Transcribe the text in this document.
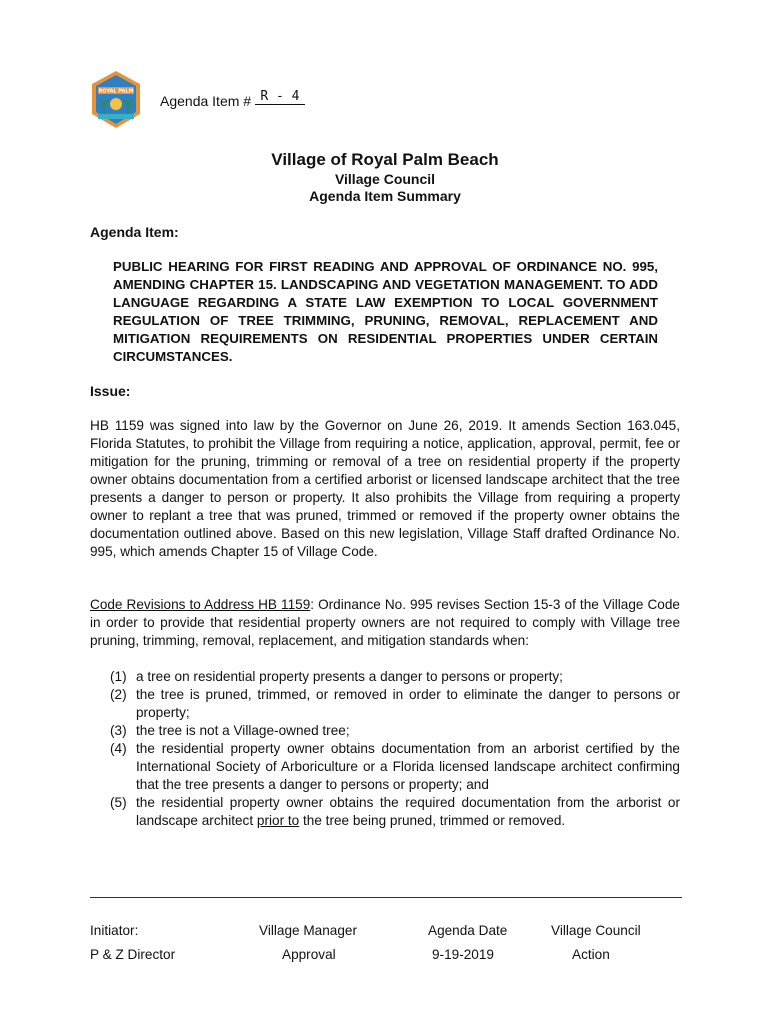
ROYAL PALM
Agenda Item # R - 4
Village of Royal Palm Beach
Village Council
Agenda Item Summary
Agenda Item:
PUBLIC HEARING FOR FIRST READING AND APPROVAL OF ORDINANCE NO. 995, AMENDING CHAPTER 15. LANDSCAPING AND VEGETATION MANAGEMENT. TO ADD LANGUAGE REGARDING A STATE LAW EXEMPTION TO LOCAL GOVERNMENT REGULATION OF TREE TRIMMING, PRUNING, REMOVAL, REPLACEMENT AND MITIGATION REQUIREMENTS ON RESIDENTIAL PROPERTIES UNDER CERTAIN CIRCUMSTANCES.
Issue:
HB 1159 was signed into law by the Governor on June 26, 2019. It amends Section 163.045, Florida Statutes, to prohibit the Village from requiring a notice, application, approval, permit, fee or mitigation for the pruning, trimming or removal of a tree on residential property if the property owner obtains documentation from a certified arborist or licensed landscape architect that the tree presents a danger to person or property. It also prohibits the Village from requiring a property owner to replant a tree that was pruned, trimmed or removed if the property owner obtains the documentation outlined above. Based on this new legislation, Village Staff drafted Ordinance No. 995, which amends Chapter 15 of Village Code.
Code Revisions to Address HB 1159: Ordinance No. 995 revises Section 15-3 of the Village Code in order to provide that residential property owners are not required to comply with Village tree pruning, trimming, removal, replacement, and mitigation standards when:
(1) a tree on residential property presents a danger to persons or property;
(2) the tree is pruned, trimmed, or removed in order to eliminate the danger to persons or property;
(3) the tree is not a Village-owned tree;
(4) the residential property owner obtains documentation from an arborist certified by the International Society of Arboriculture or a Florida licensed landscape architect confirming that the tree presents a danger to persons or property; and
(5) the residential property owner obtains the required documentation from the arborist or landscape architect prior to the tree being pruned, trimmed or removed.
Initiator:
P & Z Director
Village Manager
Approval
Agenda Date
9-19-2019
Village Council
Action
